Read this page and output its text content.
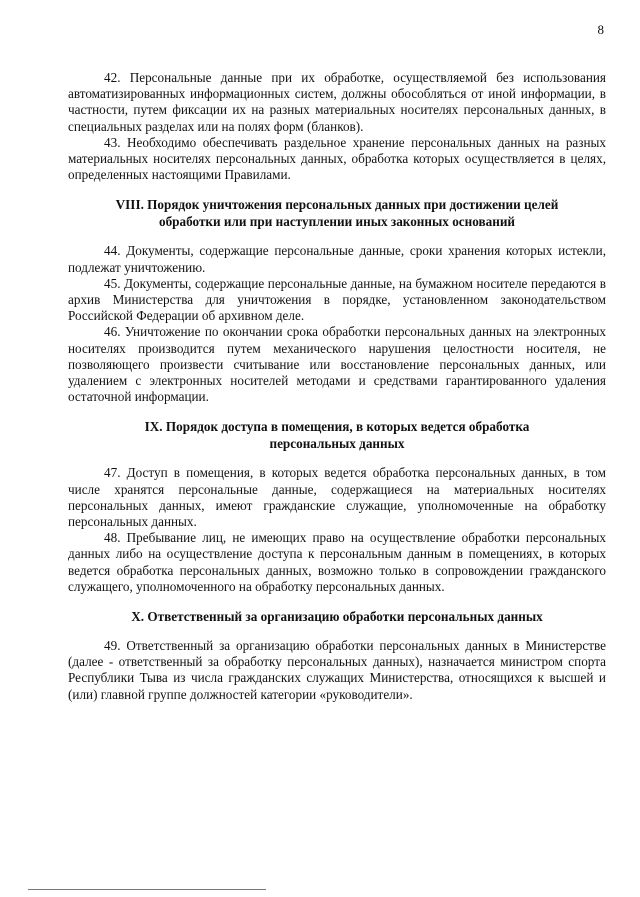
8

42. Персональные данные при их обработке, осуществляемой без использования автоматизированных информационных систем, должны обособляться от иной информации, в частности, путем фиксации их на разных материальных носителях персональных данных, в специальных разделах или на полях форм (бланков).

43. Необходимо обеспечивать раздельное хранение персональных данных на разных материальных носителях персональных данных, обработка которых осуществляется в целях, определенных настоящими Правилами.

VIII. Порядок уничтожения персональных данных при достижении целей обработки или при наступлении иных законных оснований

44. Документы, содержащие персональные данные, сроки хранения которых истекли, подлежат уничтожению.

45. Документы, содержащие персональные данные, на бумажном носителе передаются в архив Министерства для уничтожения в порядке, установленном законодательством Российской Федерации об архивном деле.

46. Уничтожение по окончании срока обработки персональных данных на электронных носителях производится путем механического нарушения целостности носителя, не позволяющего произвести считывание или восстановление персональных данных, или удалением с электронных носителей методами и средствами гарантированного удаления остаточной информации.

IX. Порядок доступа в помещения, в которых ведется обработка персональных данных

47. Доступ в помещения, в которых ведется обработка персональных данных, в том числе хранятся персональные данные, содержащиеся на материальных носителях персональных данных, имеют гражданские служащие, уполномоченные на обработку персональных данных.

48. Пребывание лиц, не имеющих право на осуществление обработки персональных данных либо на осуществление доступа к персональным данным в помещениях, в которых ведется обработка персональных данных, возможно только в сопровождении гражданского служащего, уполномоченного на обработку персональных данных.

X. Ответственный за организацию обработки персональных данных

49. Ответственный за организацию обработки персональных данных в Министерстве (далее - ответственный за обработку персональных данных), назначается министром спорта Республики Тыва из числа гражданских служащих Министерства, относящихся к высшей и (или) главной группе должностей категории «руководители».
